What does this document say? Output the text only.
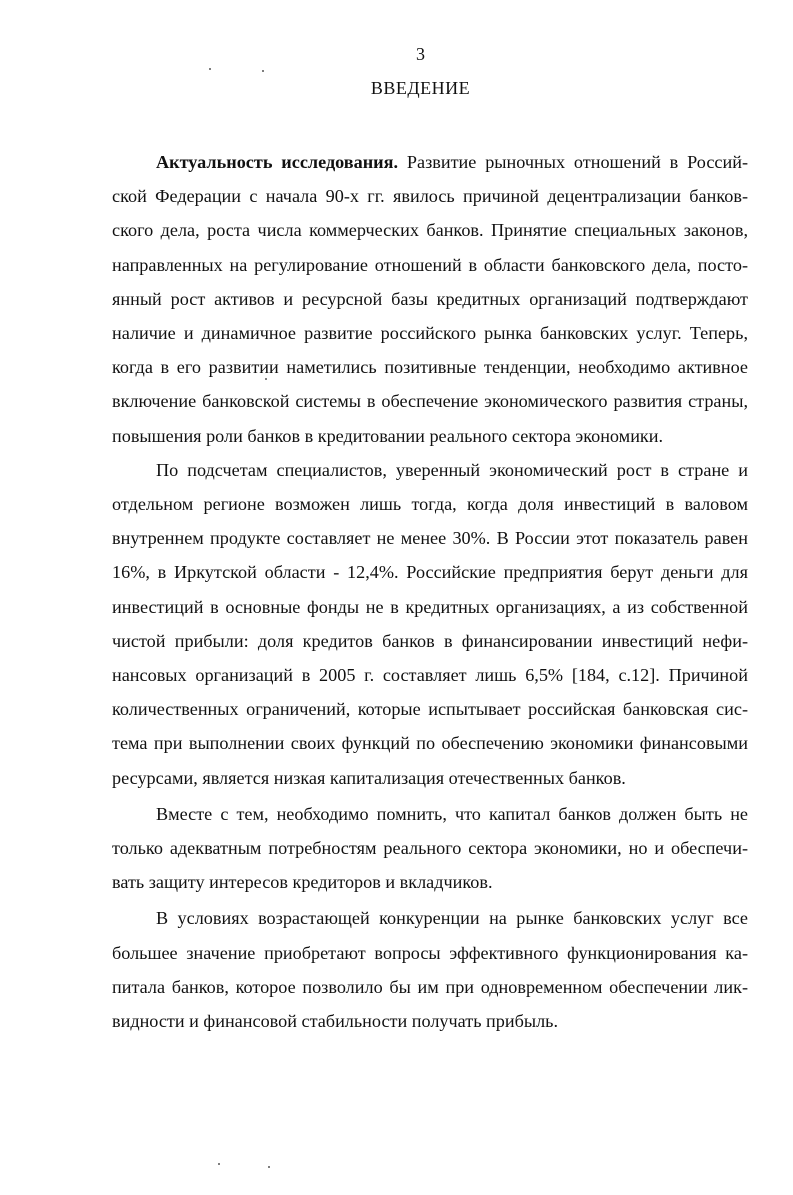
3
ВВЕДЕНИЕ

Актуальность исследования. Развитие рыночных отношений в Российской Федерации с начала 90-х гг. явилось причиной децентрализации банковского дела, роста числа коммерческих банков. Принятие специальных законов, направленных на регулирование отношений в области банковского дела, постоянный рост активов и ресурсной базы кредитных организаций подтверждают наличие и динамичное развитие российского рынка банковских услуг. Теперь, когда в его развитии наметились позитивные тенденции, необходимо активное включение банковской системы в обеспечение экономического развития страны, повышения роли банков в кредитовании реального сектора экономики.

По подсчетам специалистов, уверенный экономический рост в стране и отдельном регионе возможен лишь тогда, когда доля инвестиций в валовом внутреннем продукте составляет не менее 30%. В России этот показатель равен 16%, в Иркутской области - 12,4%. Российские предприятия берут деньги для инвестиций в основные фонды не в кредитных организациях, а из собственной чистой прибыли: доля кредитов банков в финансировании инвестиций нефинансовых организаций в 2005 г. составляет лишь 6,5% [184, с.12]. Причиной количественных ограничений, которые испытывает российская банковская система при выполнении своих функций по обеспечению экономики финансовыми ресурсами, является низкая капитализация отечественных банков.

Вместе с тем, необходимо помнить, что капитал банков должен быть не только адекватным потребностям реального сектора экономики, но и обеспечивать защиту интересов кредиторов и вкладчиков.

В условиях возрастающей конкуренции на рынке банковских услуг все большее значение приобретают вопросы эффективного функционирования капитала банков, которое позволило бы им при одновременном обеспечении ликвидности и финансовой стабильности получать прибыль.
